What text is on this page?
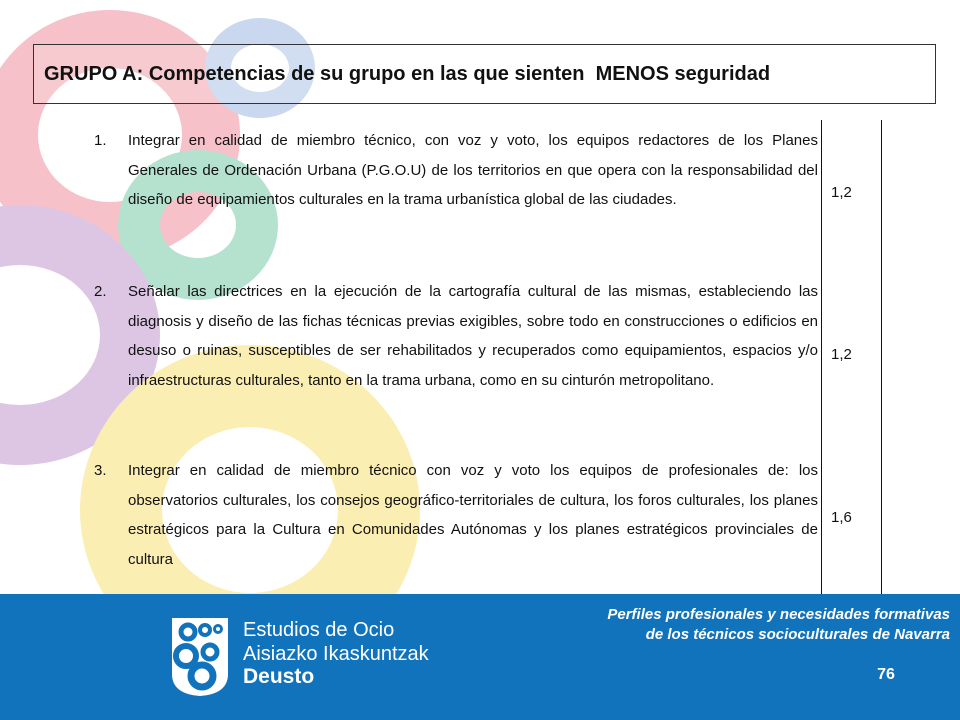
GRUPO A: Competencias de su grupo en las que sienten  MENOS seguridad
1. Integrar en calidad de miembro técnico, con voz y voto, los equipos redactores de los Planes Generales de Ordenación Urbana (P.G.O.U) de los territorios en que opera con la responsabilidad del diseño de equipamientos culturales en la trama urbanística global de las ciudades.	1,2
2. Señalar las directrices en la ejecución de la cartografía cultural de las mismas, estableciendo las diagnosis y diseño de las fichas técnicas previas exigibles, sobre todo en construcciones o edificios en desuso o ruinas, susceptibles de ser rehabilitados y recuperados como equipamientos, espacios y/o infraestructuras culturales, tanto en la trama urbana, como en su cinturón metropolitano.
1,2
3. Integrar en calidad de miembro técnico con voz y voto los equipos de profesionales de: los observatorios culturales, los consejos geográfico-territoriales de cultura, los foros culturales, los planes estratégicos para la Cultura en Comunidades Autónomas y los planes estratégicos provinciales de cultura
1,6
Estudios de Ocio
Aisiazko Ikaskuntzak
Deusto
Perfiles profesionales y necesidades formativas
de los técnicos socioculturales de Navarra
76
